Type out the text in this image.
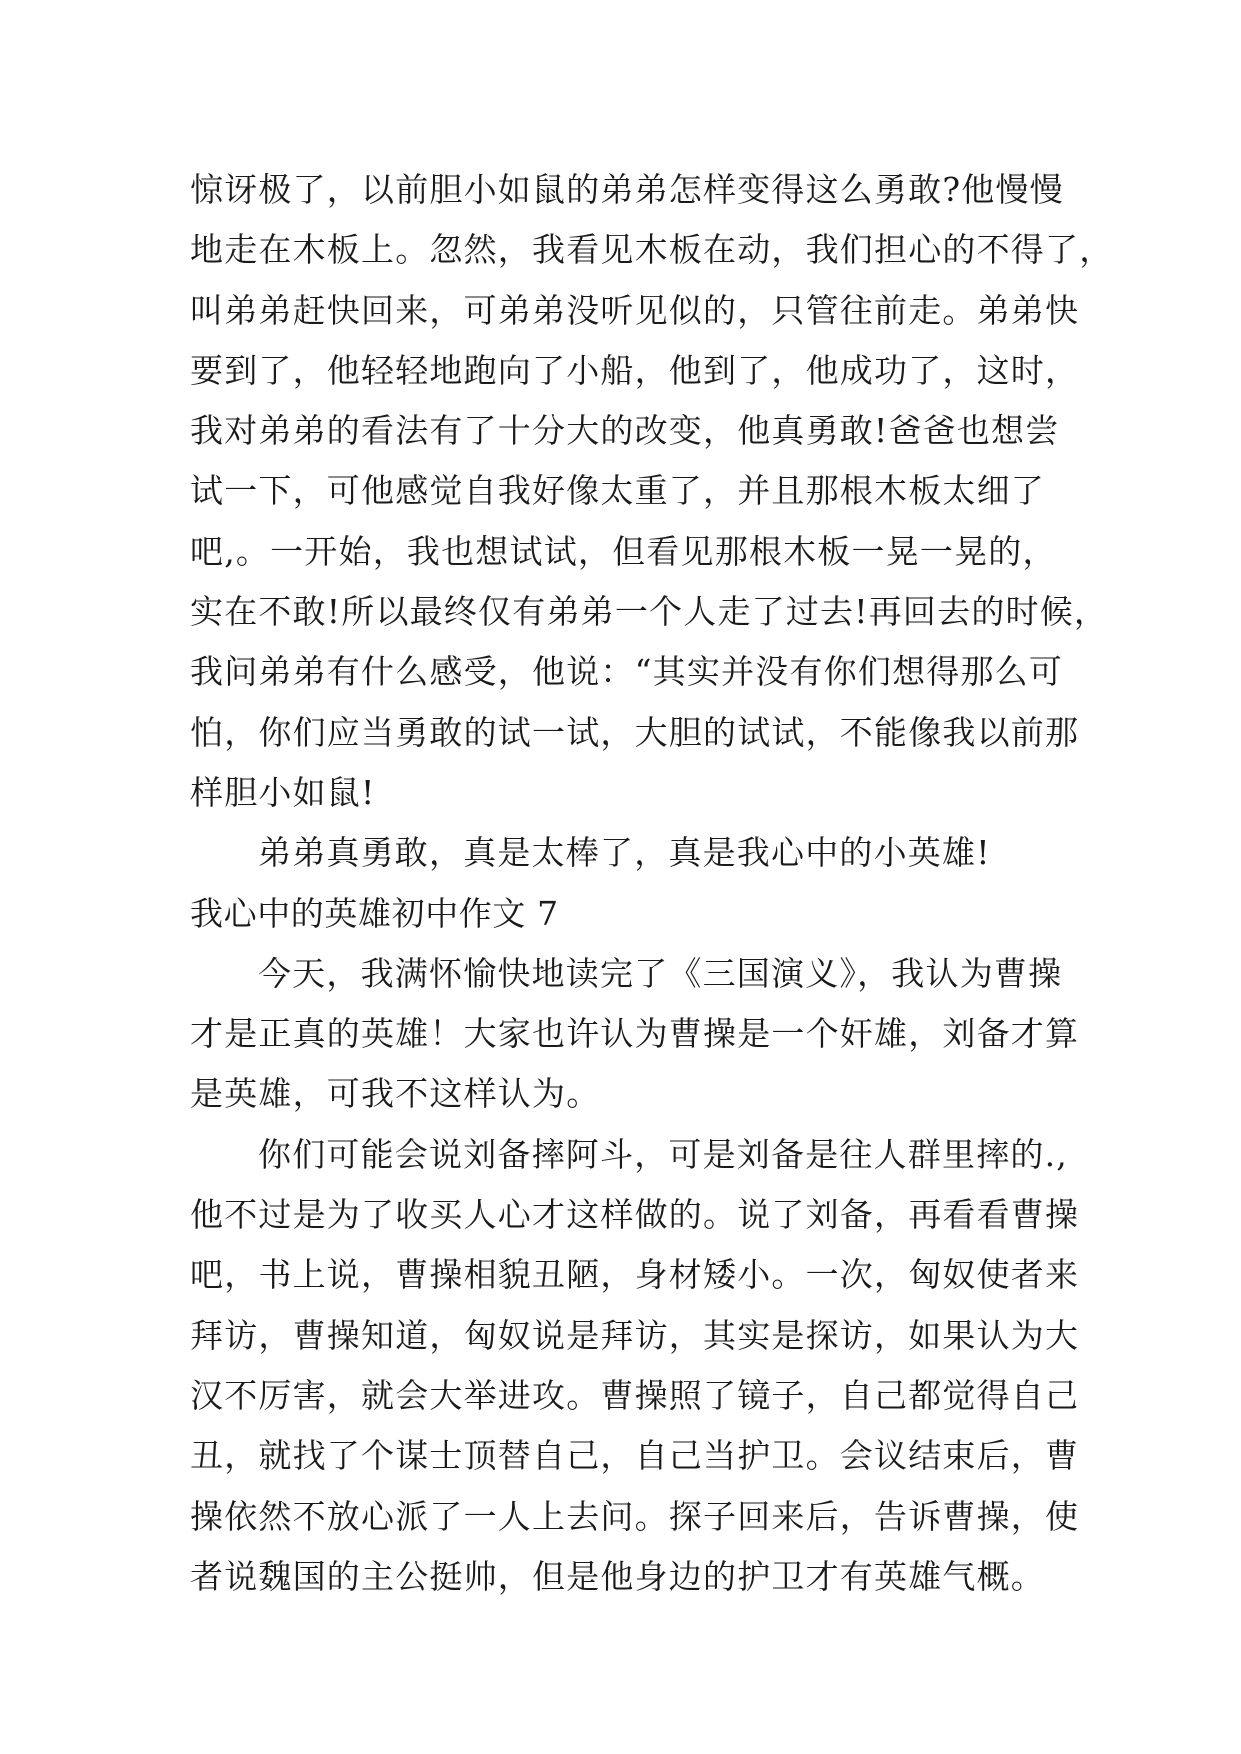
惊讶极了，以前胆小如鼠的弟弟怎样变得这么勇敢?他慢慢
地走在木板上。忽然，我看见木板在动，我们担心的不得了，
叫弟弟赶快回来，可弟弟没听见似的，只管往前走。弟弟快
要到了，他轻轻地跑向了小船，他到了，他成功了，这时，
我对弟弟的看法有了十分大的改变，他真勇敢!爸爸也想尝
试一下，可他感觉自我好像太重了，并且那根木板太细了
吧,。一开始，我也想试试，但看见那根木板一晃一晃的，
实在不敢!所以最终仅有弟弟一个人走了过去!再回去的时候，
我问弟弟有什么感受，他说：“其实并没有你们想得那么可
怕，你们应当勇敢的试一试，大胆的试试，不能像我以前那
样胆小如鼠!
弟弟真勇敢，真是太棒了，真是我心中的小英雄!
我心中的英雄初中作文 7
今天，我满怀愉快地读完了《三国演义》，我认为曹操
才是正真的英雄！大家也许认为曹操是一个奸雄，刘备才算
是英雄，可我不这样认为。
你们可能会说刘备摔阿斗，可是刘备是往人群里摔的.,
他不过是为了收买人心才这样做的。说了刘备，再看看曹操
吧，书上说，曹操相貌丑陋，身材矮小。一次，匈奴使者来
拜访，曹操知道，匈奴说是拜访，其实是探访，如果认为大
汉不厉害，就会大举进攻。曹操照了镜子，自己都觉得自己
丑，就找了个谋士顶替自己，自己当护卫。会议结束后，曹
操依然不放心派了一人上去问。探子回来后，告诉曹操，使
者说魏国的主公挺帅，但是他身边的护卫才有英雄气概。
